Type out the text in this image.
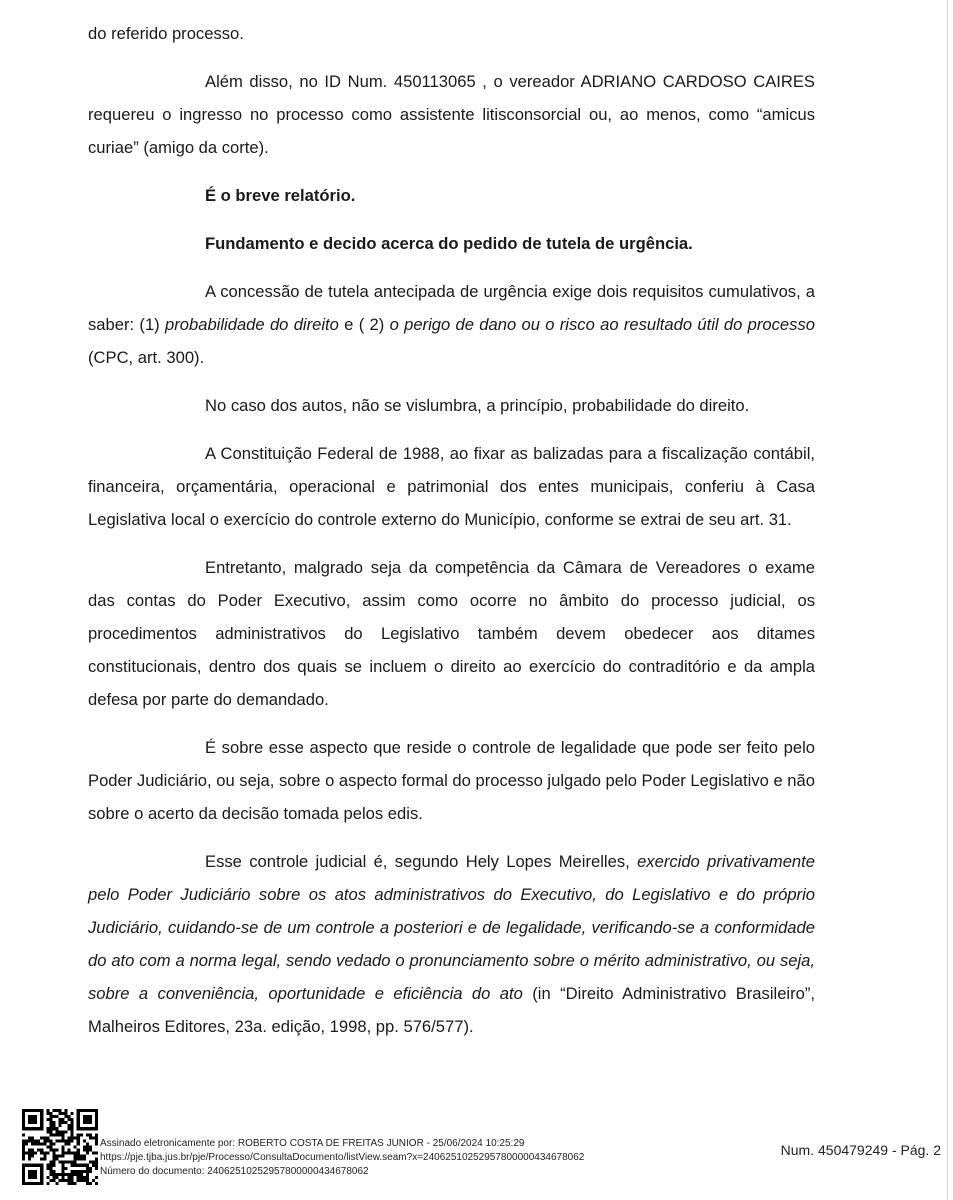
do referido processo.

Além disso, no ID Num. 450113065 , o vereador ADRIANO CARDOSO CAIRES requereu o ingresso no processo como assistente litisconsorcial ou, ao menos, como “amicus curiae” (amigo da corte).

É o breve relatório.

Fundamento e decido acerca do pedido de tutela de urgência.

A concessão de tutela antecipada de urgência exige dois requisitos cumulativos, a saber: (1) probabilidade do direito e ( 2) o perigo de dano ou o risco ao resultado útil do processo (CPC, art. 300).

No caso dos autos, não se vislumbra, a princípio, probabilidade do direito.

A Constituição Federal de 1988, ao fixar as balizadas para a fiscalização contábil, financeira, orçamentária, operacional e patrimonial dos entes municipais, conferiu à Casa Legislativa local o exercício do controle externo do Município, conforme se extrai de seu art. 31.

Entretanto, malgrado seja da competência da Câmara de Vereadores o exame das contas do Poder Executivo, assim como ocorre no âmbito do processo judicial, os procedimentos administrativos do Legislativo também devem obedecer aos ditames constitucionais, dentro dos quais se incluem o direito ao exercício do contraditório e da ampla defesa por parte do demandado.

É sobre esse aspecto que reside o controle de legalidade que pode ser feito pelo Poder Judiciário, ou seja, sobre o aspecto formal do processo julgado pelo Poder Legislativo e não sobre o acerto da decisão tomada pelos edis.

Esse controle judicial é, segundo Hely Lopes Meirelles, exercido privativamente pelo Poder Judiciário sobre os atos administrativos do Executivo, do Legislativo e do próprio Judiciário, cuidando-se de um controle a posteriori e de legalidade, verificando-se a conformidade do ato com a norma legal, sendo vedado o pronunciamento sobre o mérito administrativo, ou seja, sobre a conveniência, oportunidade e eficiência do ato (in “Direito Administrativo Brasileiro”, Malheiros Editores, 23a. edição, 1998, pp. 576/577).

Assinado eletronicamente por: ROBERTO COSTA DE FREITAS JUNIOR - 25/06/2024 10:25:29
https://pje.tjba.jus.br/pje/Processo/ConsultaDocumento/listView.seam?x=24062510252957800000434678062
Número do documento: 24062510252957800000434678062
Num. 450479249 - Pág. 2
